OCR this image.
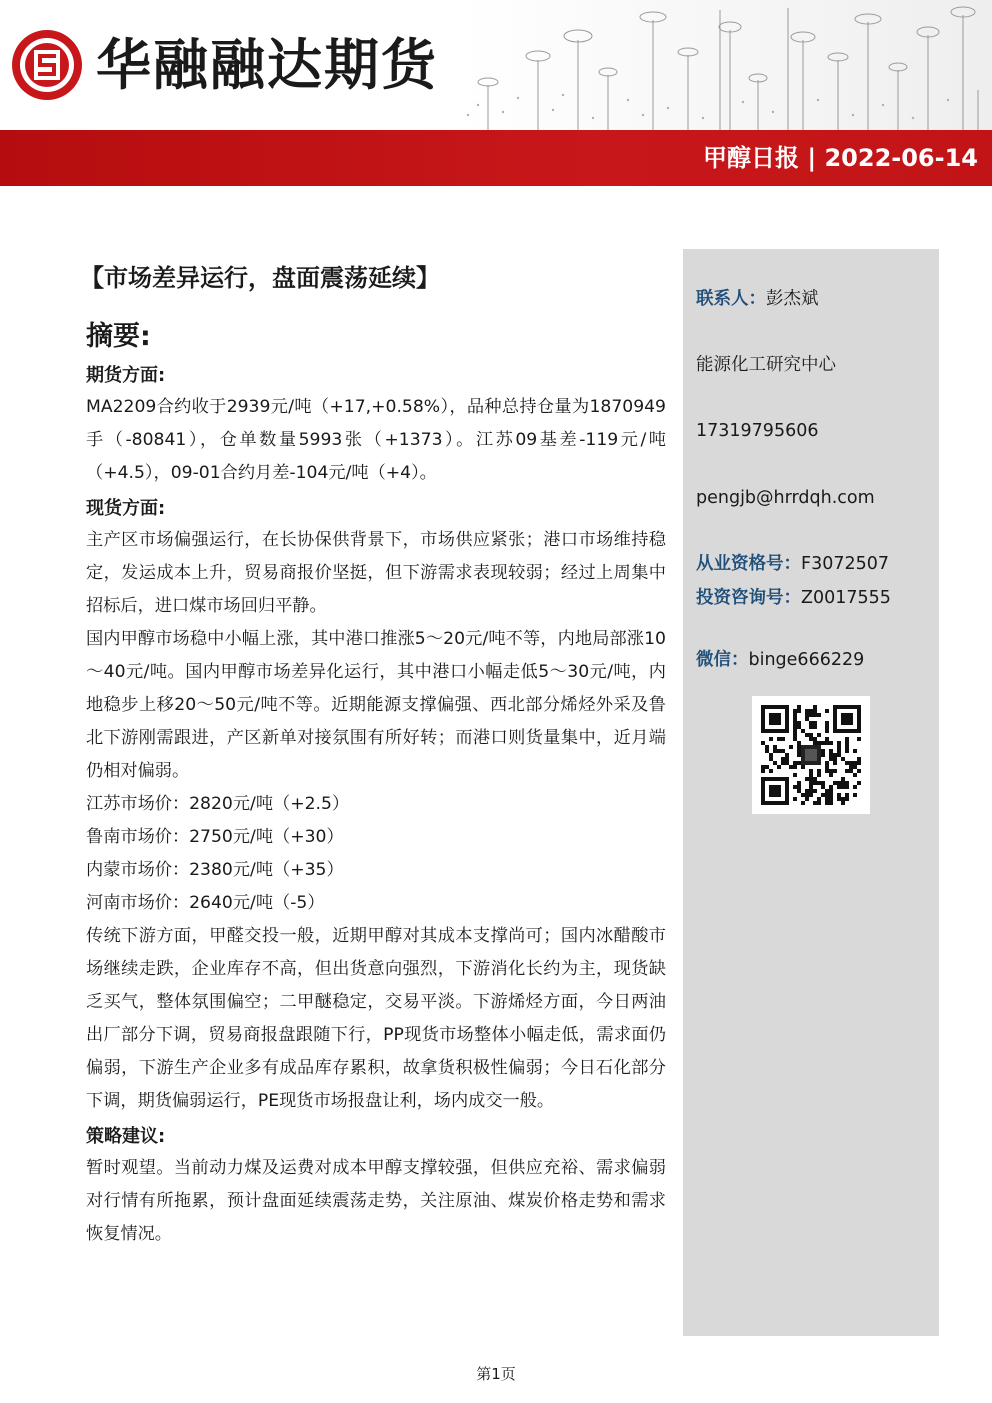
华融融达期货
甲醇日报 | 2022-06-14
【市场差异运行，盘面震荡延续】
摘要:
期货方面:

MA2209合约收于2939元/吨（+17,+0.58%），品种总持仓量为1870949手（-80841），仓单数量5993张（+1373）。江苏09基差-119元/吨（+4.5），09-01合约月差-104元/吨（+4）。

现货方面:

主产区市场偏强运行，在长协保供背景下，市场供应紧张；港口市场维持稳定，发运成本上升，贸易商报价坚挺，但下游需求表现较弱；经过上周集中招标后，进口煤市场回归平静。

国内甲醇市场稳中小幅上涨，其中港口推涨5～20元/吨不等，内地局部涨10～40元/吨。国内甲醇市场差异化运行，其中港口小幅走低5～30元/吨，内地稳步上移20～50元/吨不等。近期能源支撑偏强、西北部分烯烃外采及鲁北下游刚需跟进，产区新单对接氛围有所好转；而港口则货量集中，近月端仍相对偏弱。

江苏市场价：2820元/吨（+2.5）

鲁南市场价：2750元/吨（+30）

内蒙市场价：2380元/吨（+35）

河南市场价：2640元/吨（-5）

传统下游方面，甲醛交投一般，近期甲醇对其成本支撑尚可；国内冰醋酸市场继续走跌，企业库存不高，但出货意向强烈，下游消化长约为主，现货缺乏买气，整体氛围偏空；二甲醚稳定，交易平淡。下游烯烃方面，今日两油出厂部分下调，贸易商报盘跟随下行，PP现货市场整体小幅走低，需求面仍偏弱，下游生产企业多有成品库存累积，故拿货积极性偏弱；今日石化部分下调，期货偏弱运行，PE现货市场报盘让利，场内成交一般。

策略建议:

暂时观望。当前动力煤及运费对成本甲醇支撑较强，但供应充裕、需求偏弱对行情有所拖累，预计盘面延续震荡走势，关注原油、煤炭价格走势和需求恢复情况。

联系人：彭杰斌
能源化工研究中心
17319795606
pengjb@hrrdqh.com
从业资格号：F3072507
投资咨询号：Z0017555
微信：binge666229
第1页
